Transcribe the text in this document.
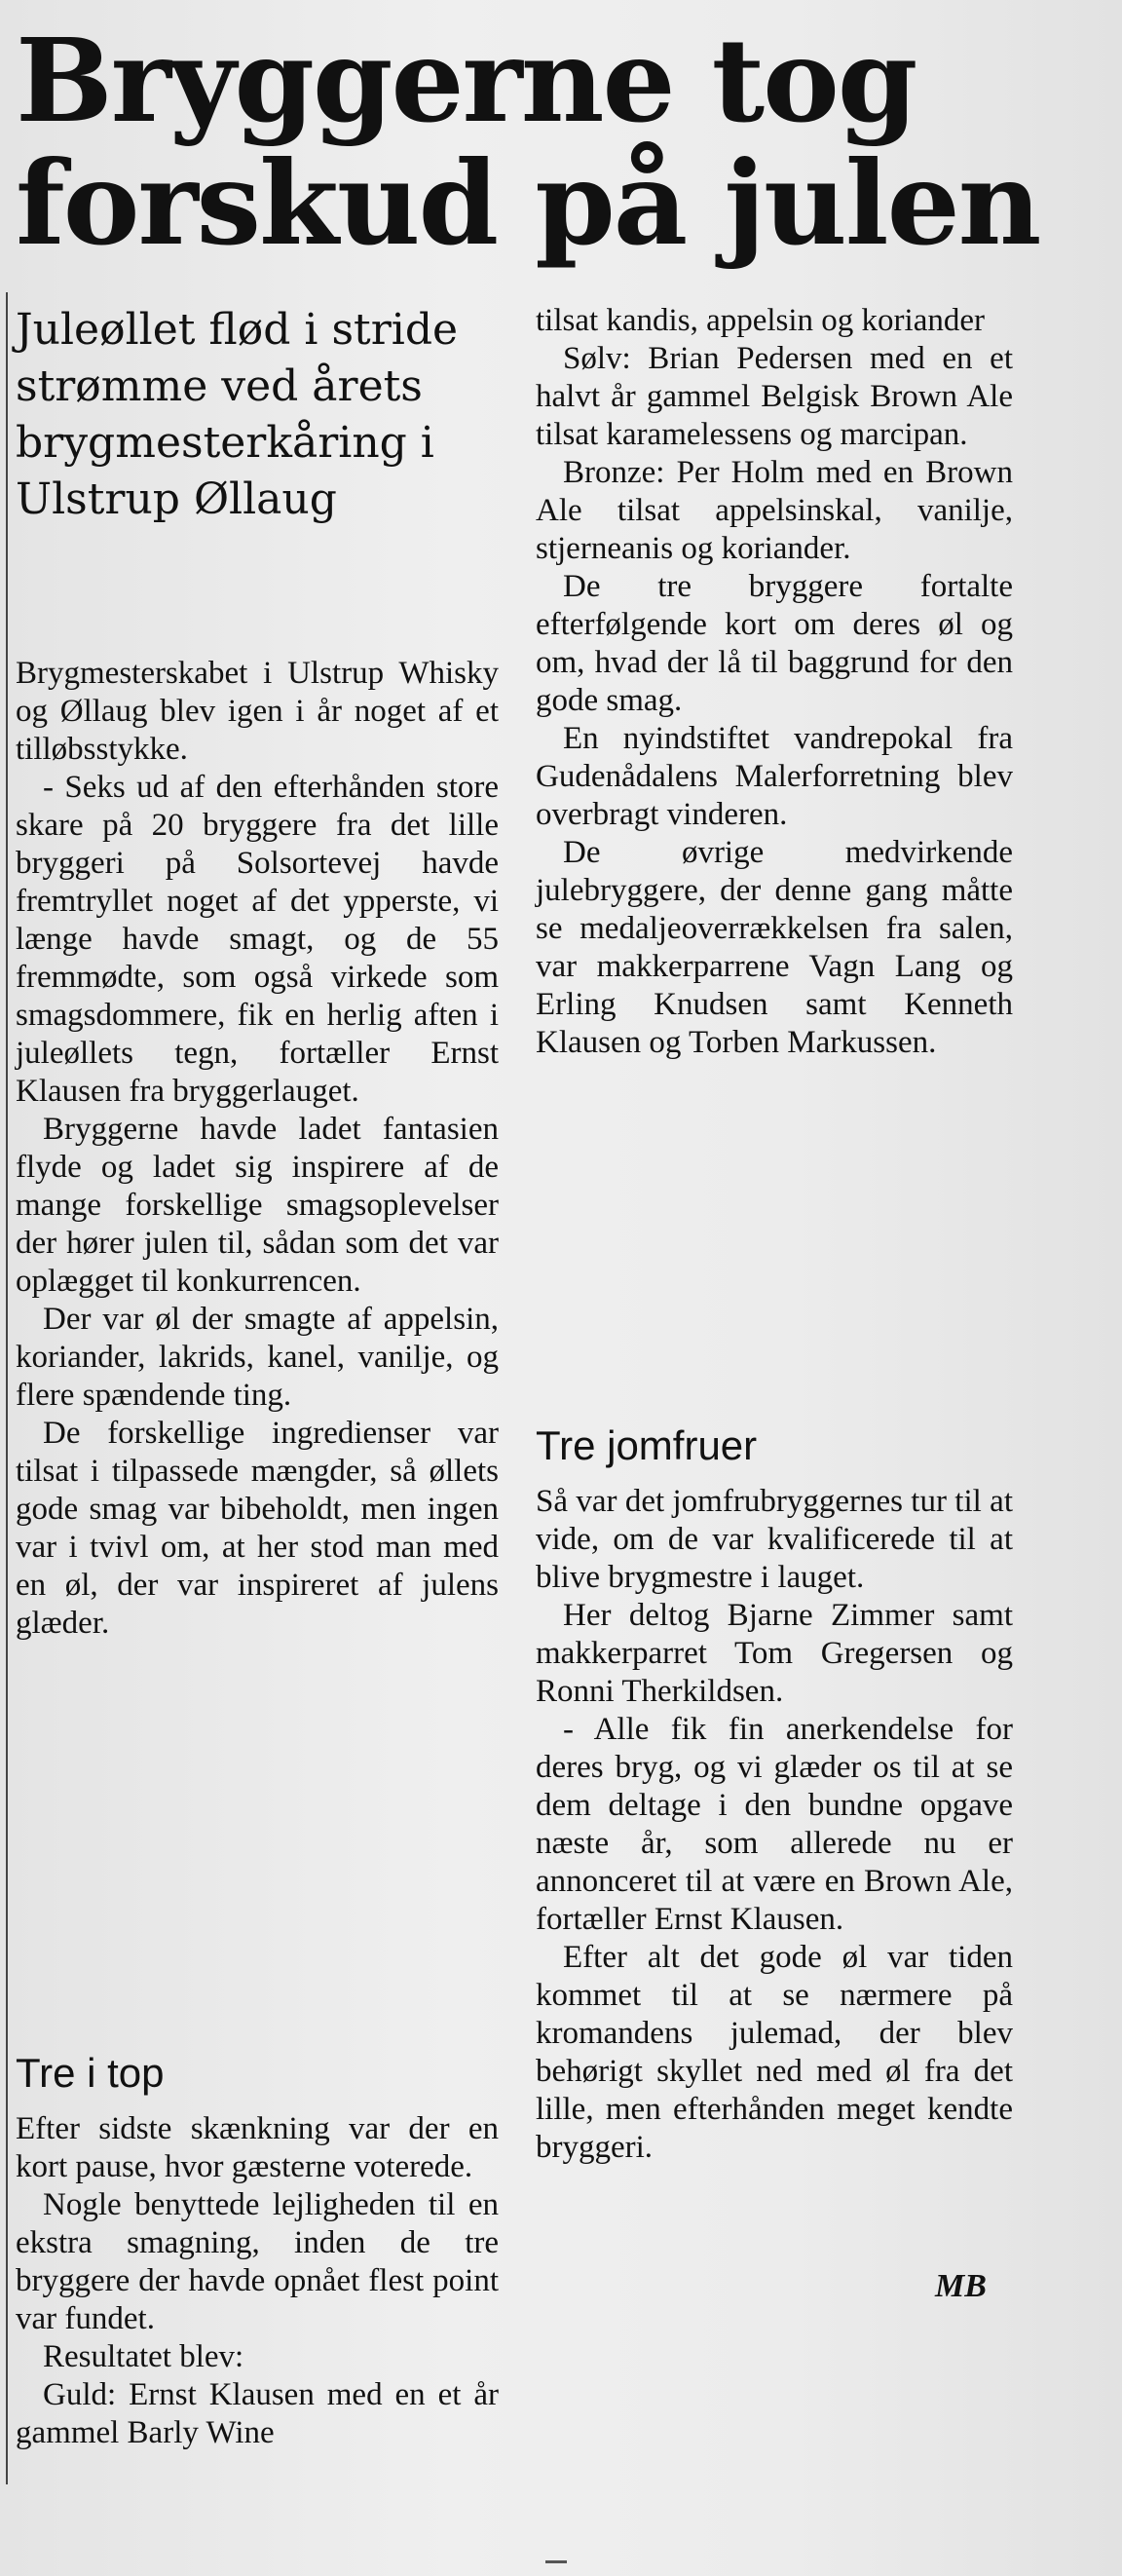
Bryggerne tog forskud på julen
Juleøllet flød i stride strømme ved årets brygmesterkåring i Ulstrup Øllaug

Brygmesterskabet i Ulstrup Whisky og Øllaug blev igen i år noget af et tilløbsstykke.

- Seks ud af den efterhånden store skare på 20 bryggere fra det lille bryggeri på Solsortevej havde fremtryllet noget af det ypperste, vi længe havde smagt, og de 55 fremmødte, som også virkede som smagsdommere, fik en herlig aften i juleøllets tegn, fortæller Ernst Klausen fra bryggerlauget.

Bryggerne havde ladet fantasien flyde og ladet sig inspirere af de mange forskellige smagsoplevelser der hører julen til, sådan som det var oplægget til konkurrencen.

Der var øl der smagte af appelsin, koriander, lakrids, kanel, vanilje, og flere spændende ting.

De forskellige ingredienser var tilsat i tilpassede mængder, så øllets gode smag var bibeholdt, men ingen var i tvivl om, at her stod man med en øl, der var inspireret af julens glæder.

Tre i top

Efter sidste skænkning var der en kort pause, hvor gæsterne voterede.

Nogle benyttede lejligheden til en ekstra smagning, inden de tre bryggere der havde opnået flest point var fundet.

Resultatet blev:

Guld: Ernst Klausen med en et år gammel Barly Wine

tilsat kandis, appelsin og koriander

Sølv: Brian Pedersen med en et halvt år gammel Belgisk Brown Ale tilsat karamelessens og marcipan.

Bronze: Per Holm med en Brown Ale tilsat appelsinskal, vanilje, stjerneanis og koriander.

De tre bryggere fortalte efterfølgende kort om deres øl og om, hvad der lå til baggrund for den gode smag.

En nyindstiftet vandrepokal fra Gudenådalens Malerforretning blev overbragt vinderen.

De øvrige medvirkende julebryggere, der denne gang måtte se medaljeoverrækkelsen fra salen, var makkerparrene Vagn Lang og Erling Knudsen samt Kenneth Klausen og Torben Markussen.

Tre jomfruer

Så var det jomfrubryggernes tur til at vide, om de var kvalificerede til at blive brygmestre i lauget.

Her deltog Bjarne Zimmer samt makkerparret Tom Gregersen og Ronni Therkildsen.

- Alle fik fin anerkendelse for deres bryg, og vi glæder os til at se dem deltage i den bundne opgave næste år, som allerede nu er annonceret til at være en Brown Ale, fortæller Ernst Klausen.

Efter alt det gode øl var tiden kommet til at se nærmere på kromandens julemad, der blev behørigt skyllet ned med øl fra det lille, men efterhånden meget kendte bryggeri.

MB
